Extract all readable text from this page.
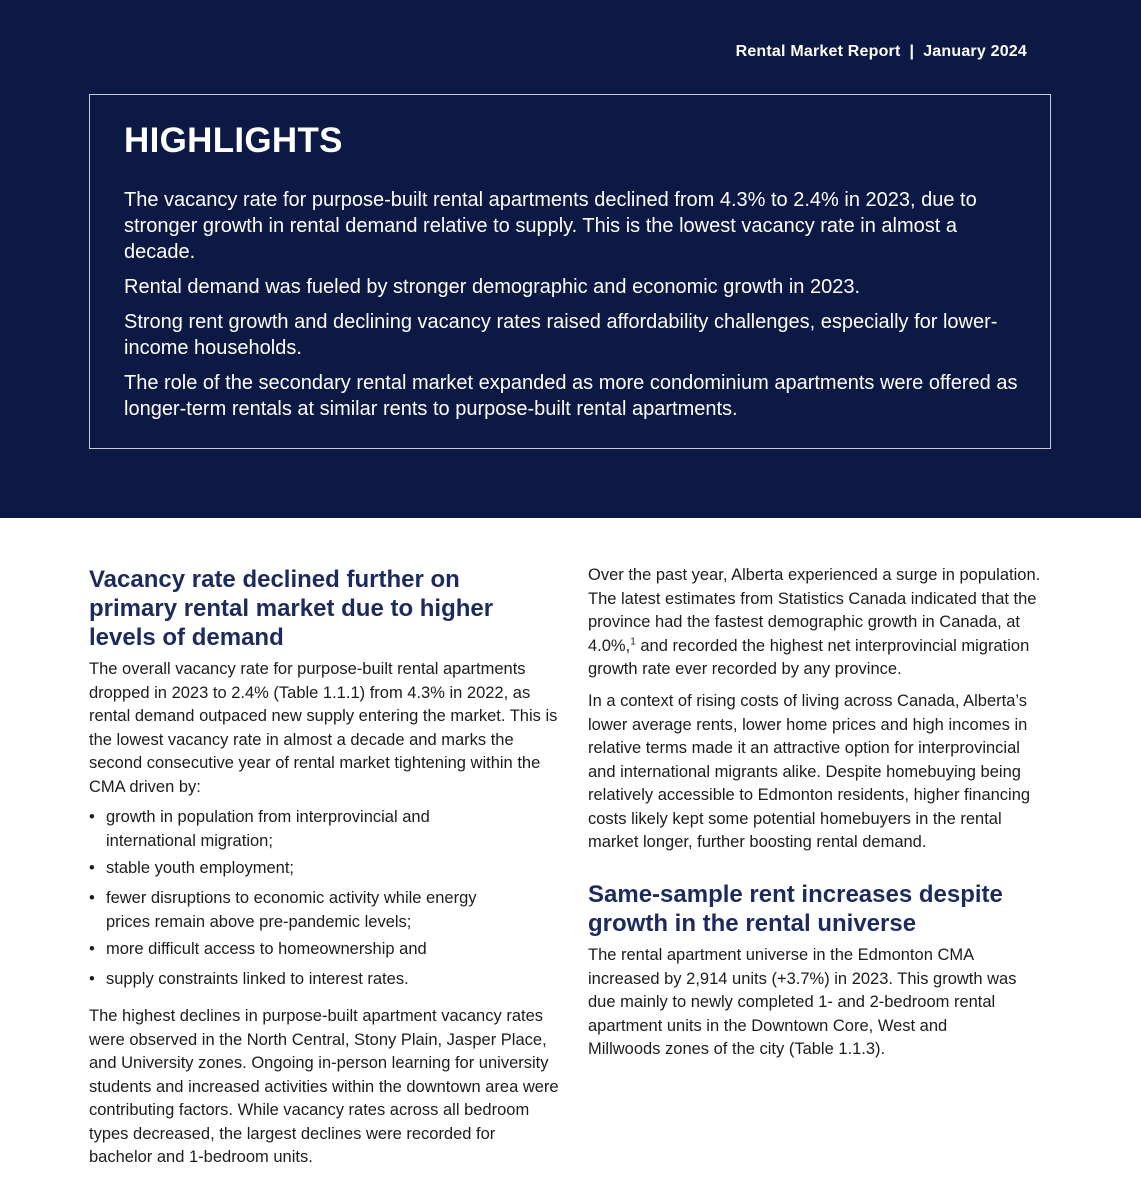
Rental Market Report | January 2024
HIGHLIGHTS

The vacancy rate for purpose-built rental apartments declined from 4.3% to 2.4% in 2023, due to stronger growth in rental demand relative to supply. This is the lowest vacancy rate in almost a decade.

Rental demand was fueled by stronger demographic and economic growth in 2023.

Strong rent growth and declining vacancy rates raised affordability challenges, especially for lower-income households.

The role of the secondary rental market expanded as more condominium apartments were offered as longer-term rentals at similar rents to purpose-built rental apartments.

Vacancy rate declined further on primary rental market due to higher levels of demand

The overall vacancy rate for purpose-built rental apartments dropped in 2023 to 2.4% (Table 1.1.1) from 4.3% in 2022, as rental demand outpaced new supply entering the market. This is the lowest vacancy rate in almost a decade and marks the second consecutive year of rental market tightening within the CMA driven by:

• growth in population from interprovincial and international migration;
• stable youth employment;
• fewer disruptions to economic activity while energy prices remain above pre-pandemic levels;
• more difficult access to homeownership and
• supply constraints linked to interest rates.

The highest declines in purpose-built apartment vacancy rates were observed in the North Central, Stony Plain, Jasper Place, and University zones. Ongoing in-person learning for university students and increased activities within the downtown area were contributing factors. While vacancy rates across all bedroom types decreased, the largest declines were recorded for bachelor and 1-bedroom units.

Over the past year, Alberta experienced a surge in population. The latest estimates from Statistics Canada indicated that the province had the fastest demographic growth in Canada, at 4.0%,$^1$ and recorded the highest net interprovincial migration growth rate ever recorded by any province.

In a context of rising costs of living across Canada, Alberta’s lower average rents, lower home prices and high incomes in relative terms made it an attractive option for interprovincial and international migrants alike. Despite homebuying being relatively accessible to Edmonton residents, higher financing costs likely kept some potential homebuyers in the rental market longer, further boosting rental demand.

Same-sample rent increases despite growth in the rental universe

The rental apartment universe in the Edmonton CMA increased by 2,914 units (+3.7%) in 2023. This growth was due mainly to newly completed 1- and 2-bedroom rental apartment units in the Downtown Core, West and Millwoods zones of the city (Table 1.1.3).
